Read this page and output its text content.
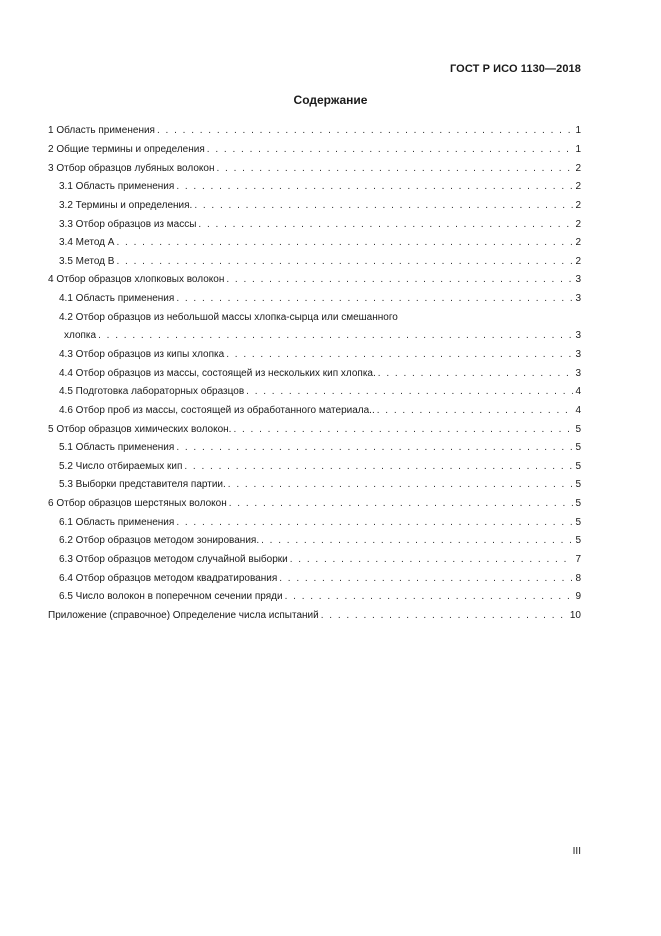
ГОСТ Р ИСО 1130—2018
Содержание
1 Область применения . . .	1
2 Общие термины и определения . . .	1
3 Отбор образцов лубяных волокон . . .	2
3.1 Область применения . . .	2
3.2 Термины и определения. . . .	2
3.3 Отбор образцов из массы . . .	2
3.4 Метод А . . .	2
3.5 Метод В . . .	2
4 Отбор образцов хлопковых волокон . . .	3
4.1 Область применения . . .	3
4.2 Отбор образцов из небольшой массы хлопка-сырца или смешанного
хлопка . . .	3
4.3 Отбор образцов из кипы хлопка . . .	3
4.4 Отбор образцов из массы, состоящей из нескольких кип хлопка. . . .	3
4.5 Подготовка лабораторных образцов . . .	4
4.6 Отбор проб из массы, состоящей из обработанного материала.. . . .	4
5 Отбор образцов химических волокон. . . .	5
5.1 Область применения . . .	5
5.2 Число отбираемых кип . . .	5
5.3 Выборки представителя партии. . . .	5
6 Отбор образцов шерстяных волокон . . .	5
6.1 Область применения . . .	5
6.2 Отбор образцов методом зонирования. . . .	5
6.3 Отбор образцов методом случайной выборки . . .	7
6.4 Отбор образцов методом квадратирования . . .	8
6.5 Число волокон в поперечном сечении пряди . . .	9
Приложение (справочное) Определение числа испытаний . . .	10
III
